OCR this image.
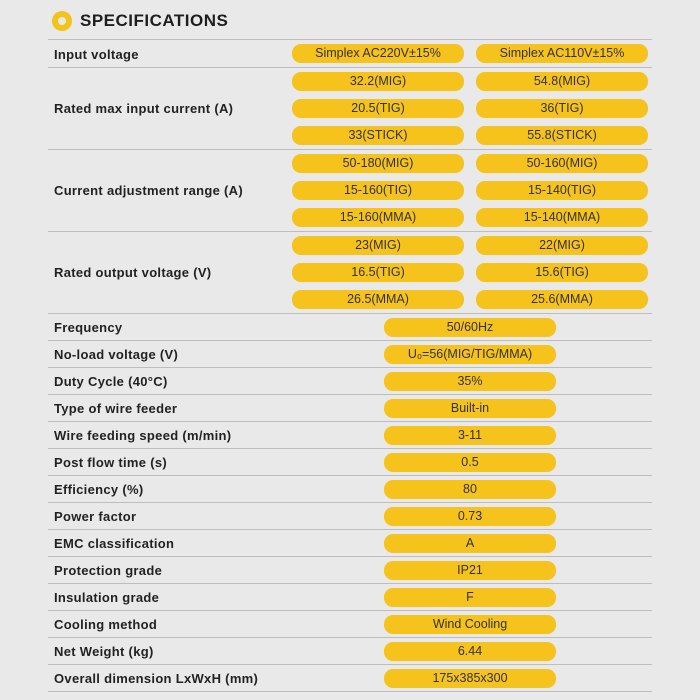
SPECIFICATIONS
Input voltage	Simplex AC220V±15%	Simplex AC110V±15%
Rated max input current (A)
32.2(MIG)	54.8(MIG)
20.5(TIG)	36(TIG)
33(STICK)	55.8(STICK)
Current adjustment range (A)
50-180(MIG)	50-160(MIG)
15-160(TIG)	15-140(TIG)
15-160(MMA)	15-140(MMA)
Rated output voltage (V)
23(MIG)	22(MIG)
16.5(TIG)	15.6(TIG)
26.5(MMA)	25.6(MMA)
Frequency	50/60Hz
No-load voltage (V)	U₀=56(MIG/TIG/MMA)
Duty Cycle (40°C)	35%
Type of wire feeder	Built-in
Wire feeding speed (m/min)	3-11
Post flow time (s)	0.5
Efficiency (%)	80
Power factor	0.73
EMC classification	A
Protection grade	IP21
Insulation grade	F
Cooling method	Wind Cooling
Net Weight (kg)	6.44
Overall dimension LxWxH (mm)	175x385x300
